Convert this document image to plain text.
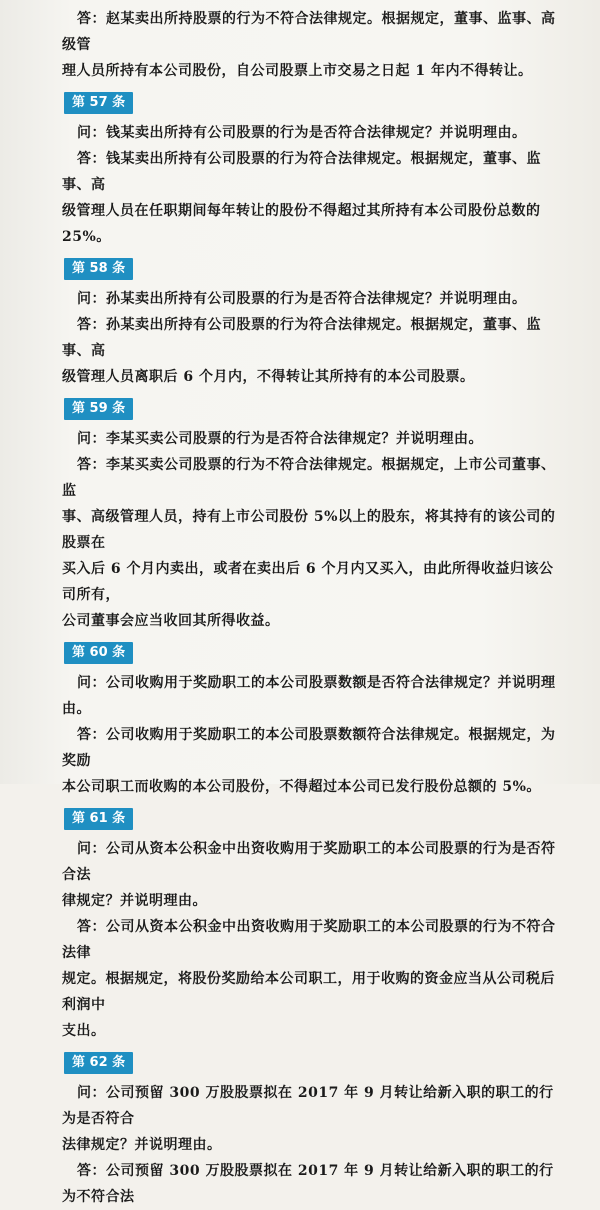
答：赵某卖出所持股票的行为不符合法律规定。根据规定，董事、监事、高级管

理人员所持有本公司股份，自公司股票上市交易之日起 1 年内不得转让。

第 57 条

问：钱某卖出所持有公司股票的行为是否符合法律规定？并说明理由。

答：钱某卖出所持有公司股票的行为符合法律规定。根据规定，董事、监事、高

级管理人员在任职期间每年转让的股份不得超过其所持有本公司股份总数的 25%。

第 58 条

问：孙某卖出所持有公司股票的行为是否符合法律规定？并说明理由。

答：孙某卖出所持有公司股票的行为符合法律规定。根据规定，董事、监事、高

级管理人员离职后 6 个月内，不得转让其所持有的本公司股票。

第 59 条

问：李某买卖公司股票的行为是否符合法律规定？并说明理由。

答：李某买卖公司股票的行为不符合法律规定。根据规定，上市公司董事、监

事、高级管理人员，持有上市公司股份 5%以上的股东，将其持有的该公司的股票在

买入后 6 个月内卖出，或者在卖出后 6 个月内又买入，由此所得收益归该公司所有，

公司董事会应当收回其所得收益。

第 60 条

问：公司收购用于奖励职工的本公司股票数额是否符合法律规定？并说明理由。

答：公司收购用于奖励职工的本公司股票数额符合法律规定。根据规定，为奖励

本公司职工而收购的本公司股份，不得超过本公司已发行股份总额的 5%。

第 61 条

问：公司从资本公积金中出资收购用于奖励职工的本公司股票的行为是否符合法

律规定？并说明理由。

答：公司从资本公积金中出资收购用于奖励职工的本公司股票的行为不符合法律

规定。根据规定，将股份奖励给本公司职工，用于收购的资金应当从公司税后利润中

支出。

第 62 条

问：公司预留 300 万股股票拟在 2017 年 9 月转让给新入职的职工的行为是否符合

法律规定？并说明理由。

答：公司预留 300 万股股票拟在 2017 年 9 月转让给新入职的职工的行为不符合法
